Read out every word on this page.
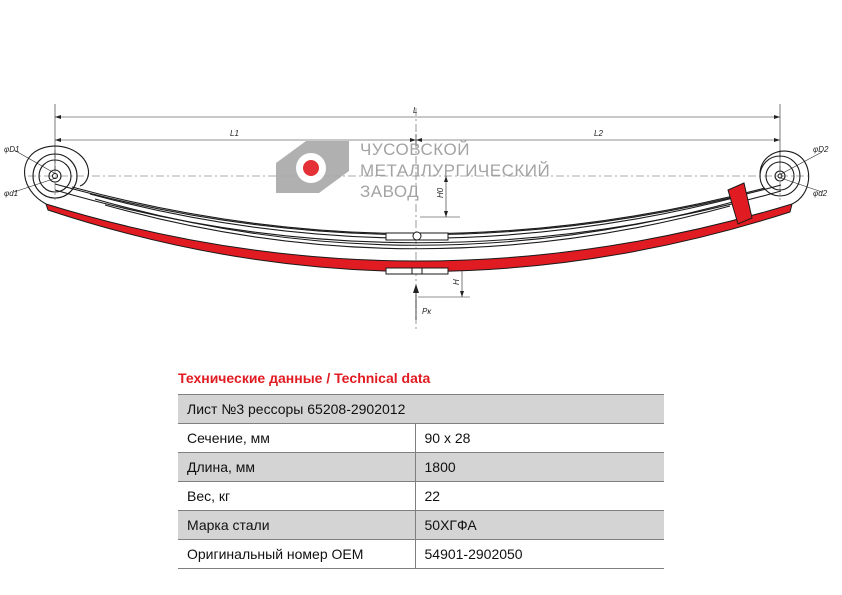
L
L1	L2
φD1
φd1
φD2
φd2
H0
H
Pк
ЧУСОВСКОЙ
МЕТАЛЛУРГИЧЕСКИЙ
ЗАВОД
Технические данные / Technical data
Лист №3 рессоры 65208-2902012	
Сечение, мм	90 х 28
Длина, мм	1800
Вес, кг	22
Марка стали	50ХГФА
Оригинальный номер ОЕМ	54901-2902050
